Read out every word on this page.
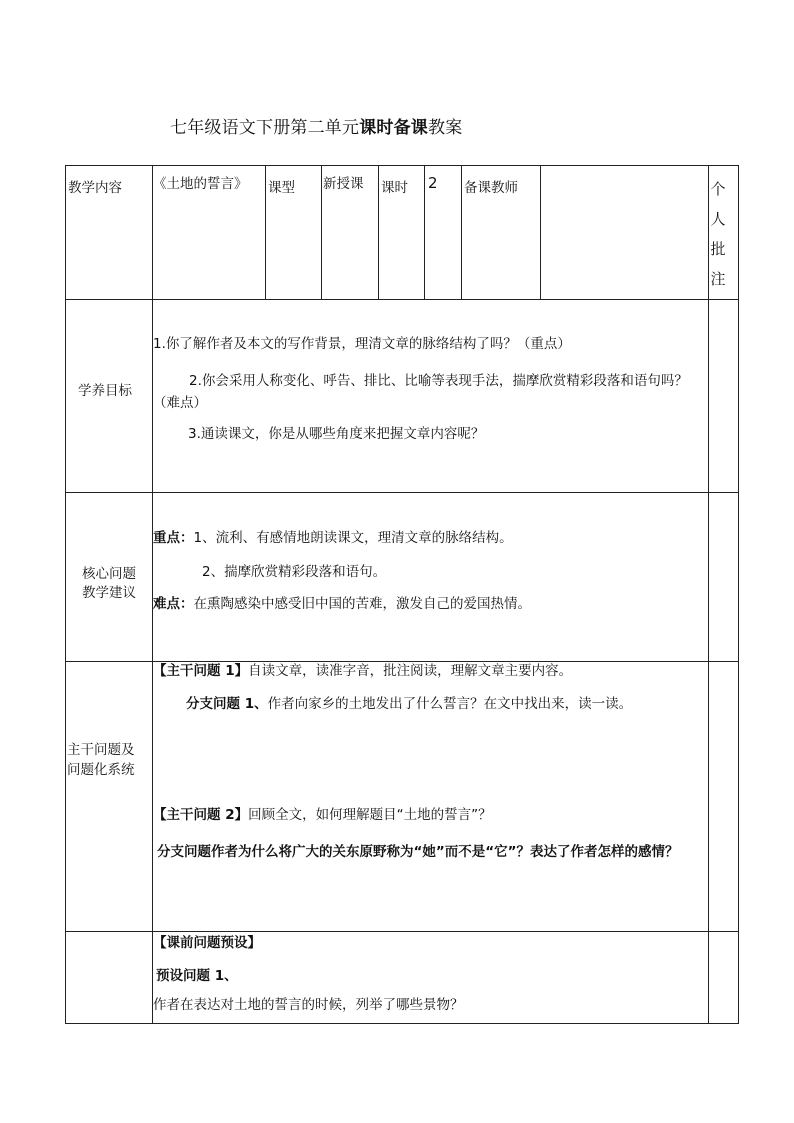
七年级语文下册第二单元课时备课教案
教学内容 《土地的誓言》 课型 新授课 课时 2 备课教师	个
人
批
注
学养目标
1.你了解作者及本文的写作背景，理清文章的脉络结构了吗？（重点）
2.你会采用人称变化、呼告、排比、比喻等表现手法，揣摩欣赏精彩段落和语句吗？（难点）
3.通读课文，你是从哪些角度来把握文章内容呢？
核心问题
教学建议
重点：1、流利、有感情地朗读课文，理清文章的脉络结构。
2、揣摩欣赏精彩段落和语句。
难点：在熏陶感染中感受旧中国的苦难，激发自己的爱国热情。
主干问题及
问题化系统
【主干问题 1】自读文章，读准字音，批注阅读，理解文章主要内容。
分支问题 1、作者向家乡的土地发出了什么誓言？在文中找出来，读一读。
【主干问题 2】回顾全文，如何理解题目“土地的誓言”？
分支问题作者为什么将广大的关东原野称为“她”而不是“它”？表达了作者怎样的感情？
【课前问题预设】
预设问题 1、
作者在表达对土地的誓言的时候，列举了哪些景物？
